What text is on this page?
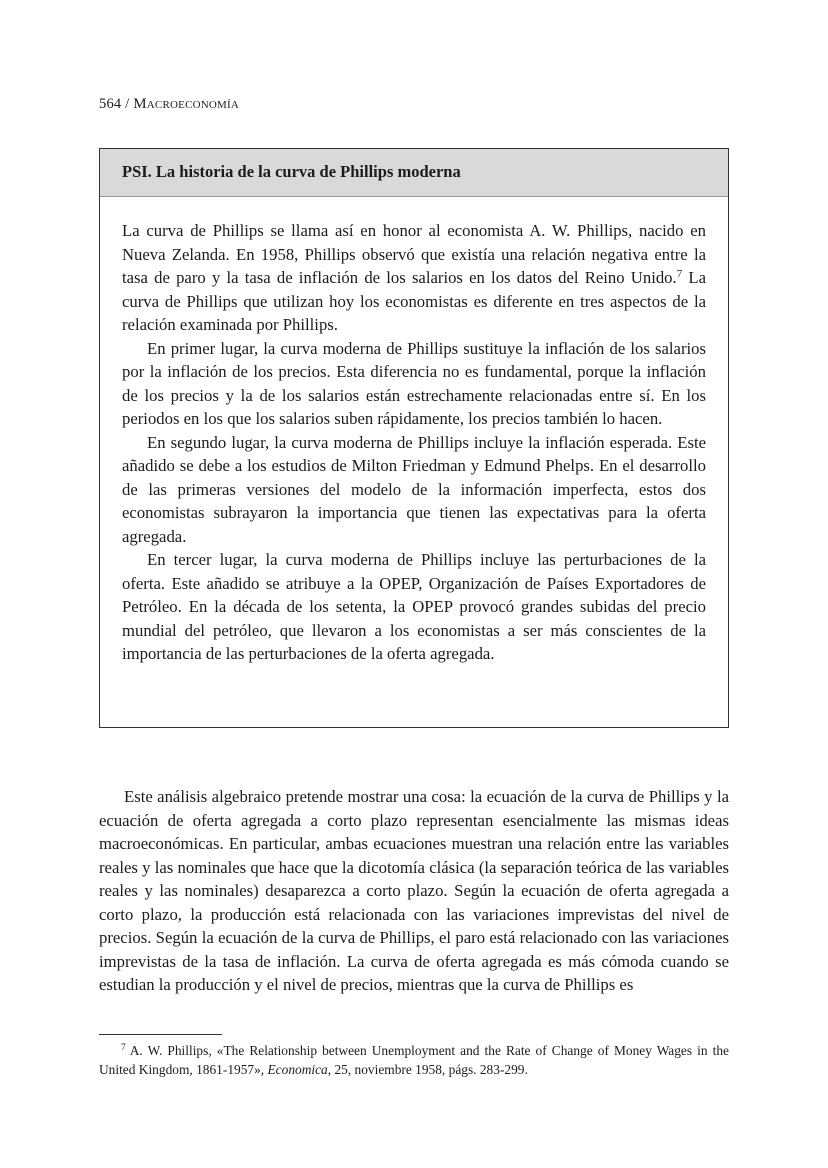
564 / Macroeconomía
PSI. La historia de la curva de Phillips moderna

La curva de Phillips se llama así en honor al economista A. W. Phillips, nacido en Nueva Zelanda. En 1958, Phillips observó que existía una relación negativa entre la tasa de paro y la tasa de inflación de los salarios en los datos del Reino Unido.$^7$ La curva de Phillips que utilizan hoy los economistas es diferente en tres aspectos de la relación examinada por Phillips.

En primer lugar, la curva moderna de Phillips sustituye la inflación de los salarios por la inflación de los precios. Esta diferencia no es fundamental, porque la inflación de los precios y la de los salarios están estrechamente relacionadas entre sí. En los periodos en los que los salarios suben rápidamente, los precios también lo hacen.

En segundo lugar, la curva moderna de Phillips incluye la inflación esperada. Este añadido se debe a los estudios de Milton Friedman y Edmund Phelps. En el desarrollo de las primeras versiones del modelo de la información imperfecta, estos dos economistas subrayaron la importancia que tienen las expectativas para la oferta agregada.

En tercer lugar, la curva moderna de Phillips incluye las perturbaciones de la oferta. Este añadido se atribuye a la OPEP, Organización de Países Exportadores de Petróleo. En la década de los setenta, la OPEP provocó grandes subidas del precio mundial del petróleo, que llevaron a los economistas a ser más conscientes de la importancia de las perturbaciones de la oferta agregada.

Este análisis algebraico pretende mostrar una cosa: la ecuación de la curva de Phillips y la ecuación de oferta agregada a corto plazo representan esencialmente las mismas ideas macroeconómicas. En particular, ambas ecuaciones muestran una relación entre las variables reales y las nominales que hace que la dicotomía clásica (la separación teórica de las variables reales y las nominales) desaparezca a corto plazo. Según la ecuación de oferta agregada a corto plazo, la producción está relacionada con las variaciones imprevistas del nivel de precios. Según la ecuación de la curva de Phillips, el paro está relacionado con las variaciones imprevistas de la tasa de inflación. La curva de oferta agregada es más cómoda cuando se estudian la producción y el nivel de precios, mientras que la curva de Phillips es

$^7$ A. W. Phillips, «The Relationship between Unemployment and the Rate of Change of Money Wages in the United Kingdom, 1861-1957», Economica, 25, noviembre 1958, págs. 283-299.
